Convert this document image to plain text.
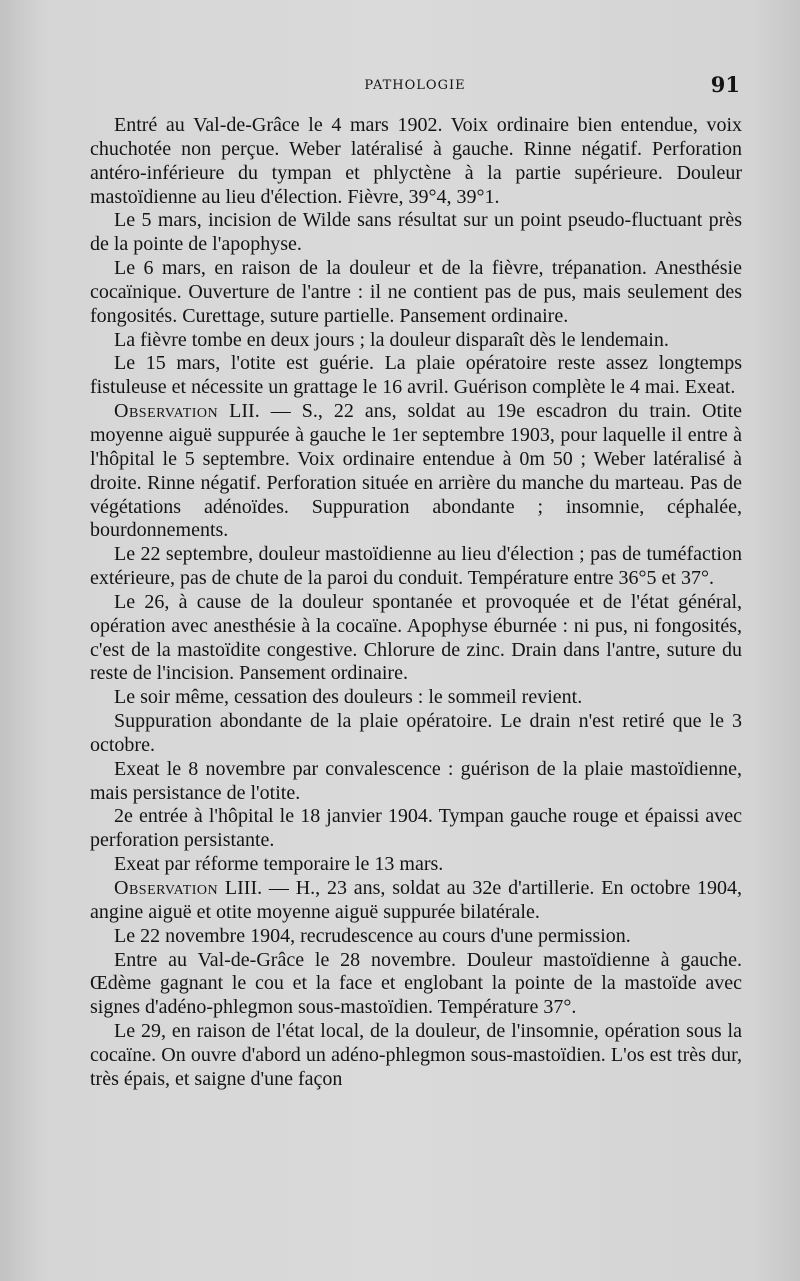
PATHOLOGIE	91

Entré au Val-de-Grâce le 4 mars 1902. Voix ordinaire bien entendue, voix chuchotée non perçue. Weber latéralisé à gauche. Rinne négatif. Perforation antéro-inférieure du tympan et phlyctène à la partie supérieure. Douleur mastoïdienne au lieu d'élection. Fièvre, 39°4, 39°1.

Le 5 mars, incision de Wilde sans résultat sur un point pseudo-fluctuant près de la pointe de l'apophyse.

Le 6 mars, en raison de la douleur et de la fièvre, trépanation. Anesthésie cocaïnique. Ouverture de l'antre : il ne contient pas de pus, mais seulement des fongosités. Curettage, suture partielle. Pansement ordinaire.

La fièvre tombe en deux jours ; la douleur disparaît dès le lendemain.

Le 15 mars, l'otite est guérie. La plaie opératoire reste assez longtemps fistuleuse et nécessite un grattage le 16 avril. Guérison complète le 4 mai. Exeat.

Observation LII. — S., 22 ans, soldat au 19e escadron du train. Otite moyenne aiguë suppurée à gauche le 1er septembre 1903, pour laquelle il entre à l'hôpital le 5 septembre. Voix ordinaire entendue à 0m 50 ; Weber latéralisé à droite. Rinne négatif. Perforation située en arrière du manche du marteau. Pas de végétations adénoïdes. Suppuration abondante ; insomnie, céphalée, bourdonnements.

Le 22 septembre, douleur mastoïdienne au lieu d'élection ; pas de tuméfaction extérieure, pas de chute de la paroi du conduit. Température entre 36°5 et 37°.

Le 26, à cause de la douleur spontanée et provoquée et de l'état général, opération avec anesthésie à la cocaïne. Apophyse éburnée : ni pus, ni fongosités, c'est de la mastoïdite congestive. Chlorure de zinc. Drain dans l'antre, suture du reste de l'incision. Pansement ordinaire.

Le soir même, cessation des douleurs : le sommeil revient.

Suppuration abondante de la plaie opératoire. Le drain n'est retiré que le 3 octobre.

Exeat le 8 novembre par convalescence : guérison de la plaie mastoïdienne, mais persistance de l'otite.

2e entrée à l'hôpital le 18 janvier 1904. Tympan gauche rouge et épaissi avec perforation persistante.

Exeat par réforme temporaire le 13 mars.

Observation LIII. — H., 23 ans, soldat au 32e d'artillerie. En octobre 1904, angine aiguë et otite moyenne aiguë suppurée bilatérale.

Le 22 novembre 1904, recrudescence au cours d'une permission.

Entre au Val-de-Grâce le 28 novembre. Douleur mastoïdienne à gauche. Œdème gagnant le cou et la face et englobant la pointe de la mastoïde avec signes d'adéno-phlegmon sous-mastoïdien. Température 37°.

Le 29, en raison de l'état local, de la douleur, de l'insomnie, opération sous la cocaïne. On ouvre d'abord un adéno-phlegmon sous-mastoïdien. L'os est très dur, très épais, et saigne d'une façon
